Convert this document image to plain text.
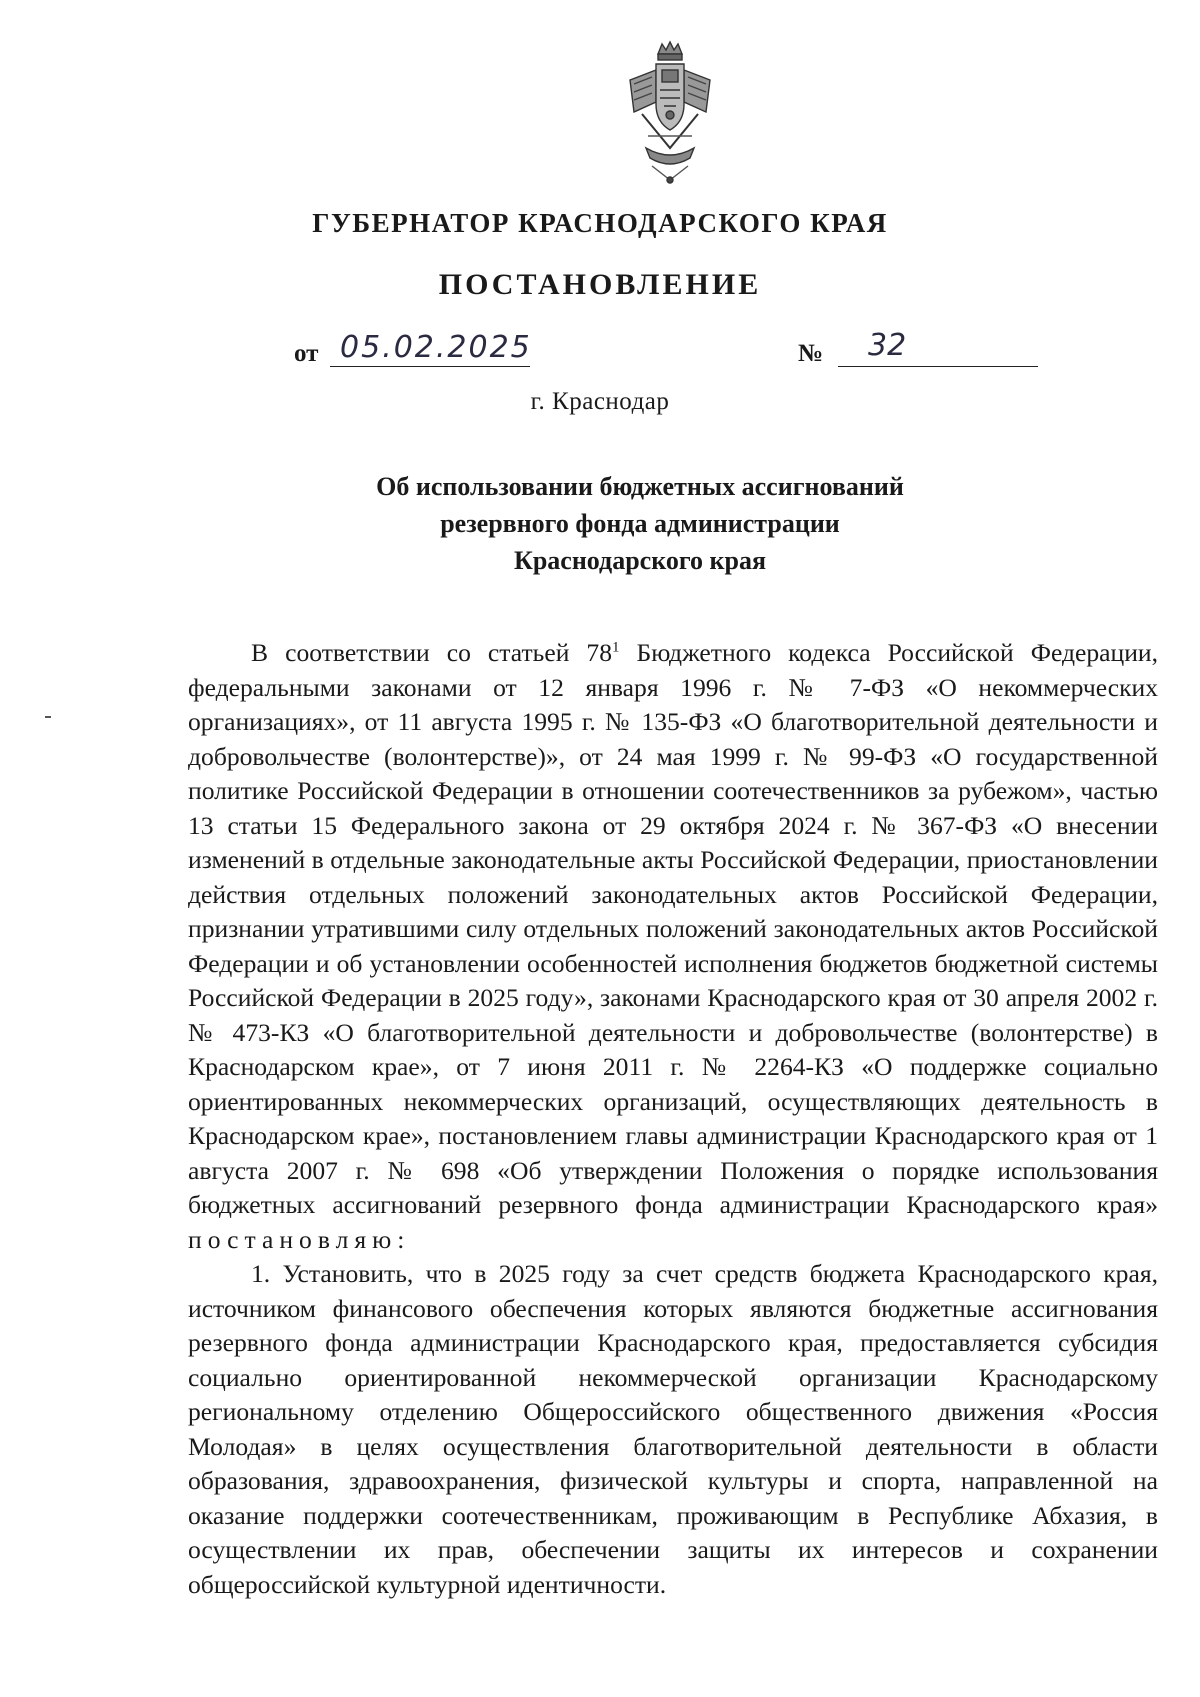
ГУБЕРНАТОР КРАСНОДАРСКОГО КРАЯ
ПОСТАНОВЛЕНИЕ
от 05.02.2025	№ 32
г. Краснодар
Об использовании бюджетных ассигнований
резервного фонда администрации
Краснодарского края

В соответствии со статьей $78^1$ Бюджетного кодекса Российской Федерации, федеральными законами от 12 января 1996 г. № 7-ФЗ «О некоммерческих организациях», от 11 августа 1995 г. № 135-ФЗ «О благотворительной деятельности и добровольчестве (волонтерстве)», от 24 мая 1999 г. № 99-ФЗ «О государственной политике Российской Федерации в отношении соотечественников за рубежом», частью 13 статьи 15 Федерального закона от 29 октября 2024 г. № 367-ФЗ «О внесении изменений в отдельные законодательные акты Российской Федерации, приостановлении действия отдельных положений законодательных актов Российской Федерации, признании утратившими силу отдельных положений законодательных актов Российской Федерации и об установлении особенностей исполнения бюджетов бюджетной системы Российской Федерации в 2025 году», законами Краснодарского края от 30 апреля 2002 г. № 473-КЗ «О благотворительной деятельности и добровольчестве (волонтерстве) в Краснодарском крае», от 7 июня 2011 г. № 2264-КЗ «О поддержке социально ориентированных некоммерческих организаций, осуществляющих деятельность в Краснодарском крае», постановлением главы администрации Краснодарского края от 1 августа 2007 г. № 698 «Об утверждении Положения о порядке использования бюджетных ассигнований резервного фонда администрации Краснодарского края» постановляю:

1. Установить, что в 2025 году за счет средств бюджета Краснодарского края, источником финансового обеспечения которых являются бюджетные ассигнования резервного фонда администрации Краснодарского края, предоставляется субсидия социально ориентированной некоммерческой организации Краснодарскому региональному отделению Общероссийского общественного движения «Россия Молодая» в целях осуществления благотворительной деятельности в области образования, здравоохранения, физической культуры и спорта, направленной на оказание поддержки соотечественникам, проживающим в Республике Абхазия, в осуществлении их прав, обеспечении защиты их интересов и сохранении общероссийской культурной идентичности.
